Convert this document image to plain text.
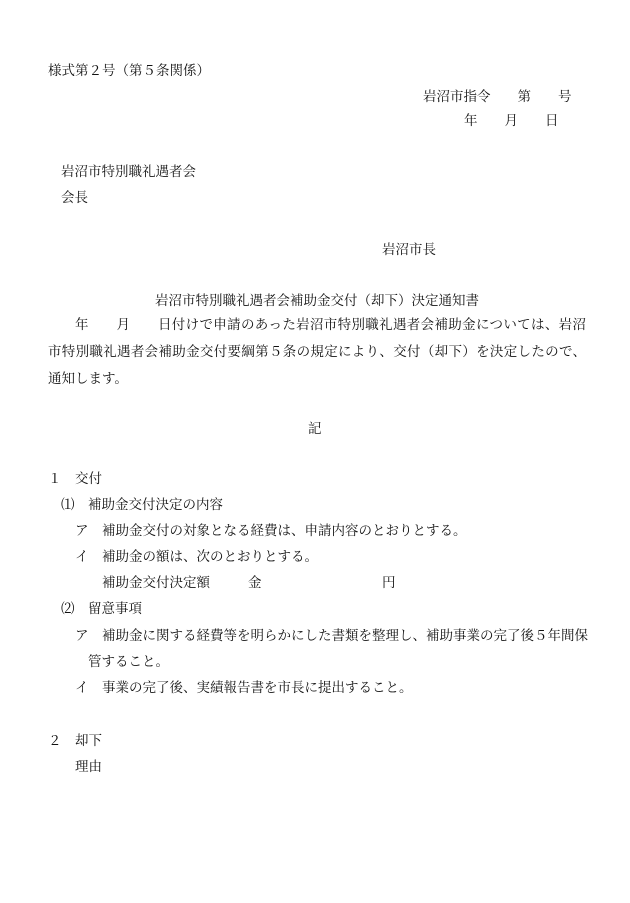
様式第２号（第５条関係）
岩沼市指令　　第　　号
年　　月　　日
岩沼市特別職礼遇者会
会長
岩沼市長
岩沼市特別職礼遇者会補助金交付（却下）決定通知書
年　　月　　日付けで申請のあった岩沼市特別職礼遇者会補助金については、岩沼市特別職礼遇者会補助金交付要綱第５条の規定により、交付（却下）を決定したので、通知します。
記
１　交付
⑴　補助金交付決定の内容
ア　補助金交付の対象となる経費は、申請内容のとおりとする。
イ　補助金の額は、次のとおりとする。
補助金交付決定額	金	円
⑵　留意事項
ア　補助金に関する経費等を明らかにした書類を整理し、補助事業の完了後５年間保
管すること。
イ　事業の完了後、実績報告書を市長に提出すること。
２　却下
理由
